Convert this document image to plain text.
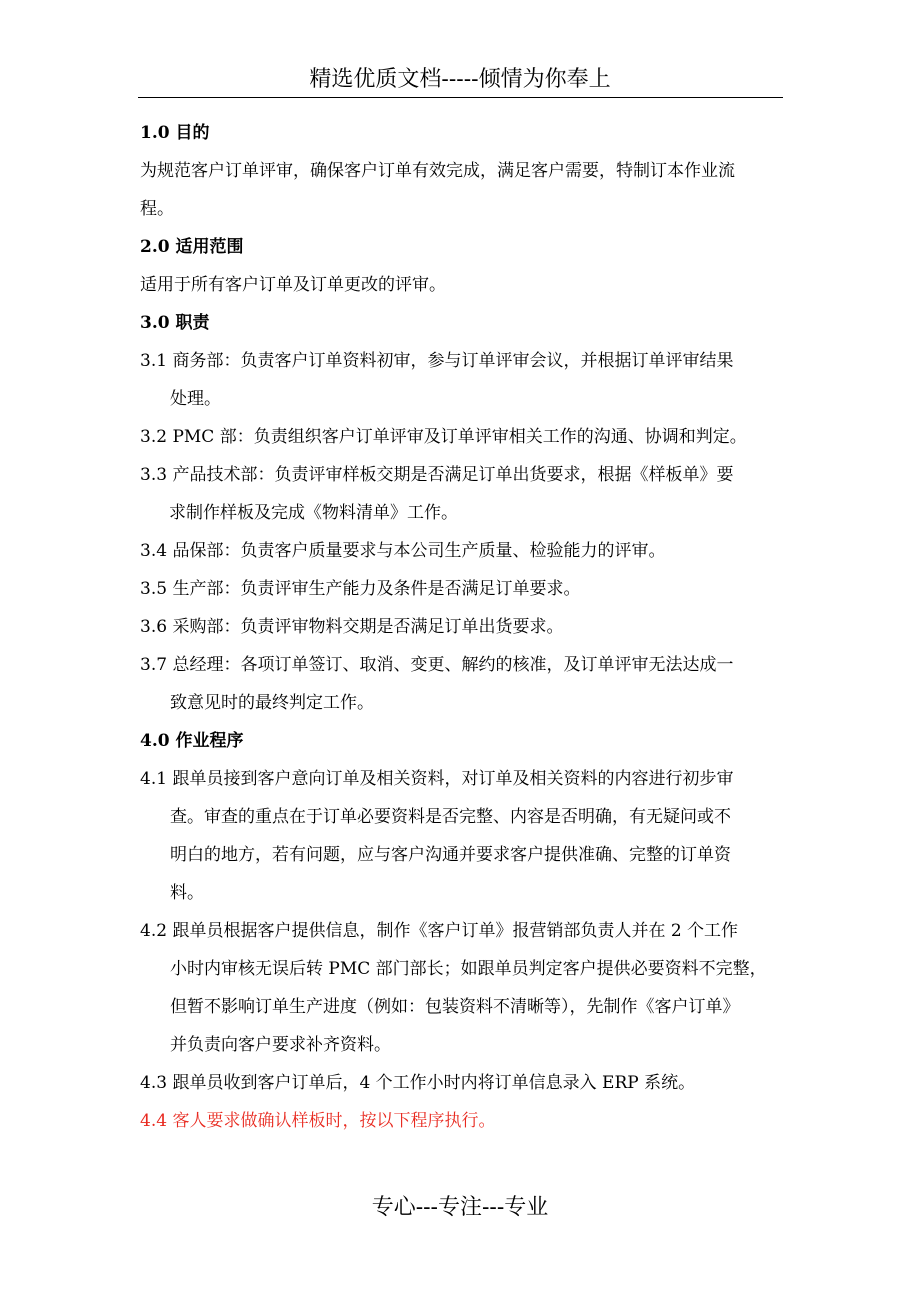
精选优质文档-----倾情为你奉上
1.0 目的
为规范客户订单评审，确保客户订单有效完成，满足客户需要，特制订本作业流
程。
2.0 适用范围
适用于所有客户订单及订单更改的评审。
3.0 职责
3.1 商务部：负责客户订单资料初审，参与订单评审会议，并根据订单评审结果
处理。
3.2 PMC 部：负责组织客户订单评审及订单评审相关工作的沟通、协调和判定。
3.3 产品技术部：负责评审样板交期是否满足订单出货要求，根据《样板单》要
求制作样板及完成《物料清单》工作。
3.4 品保部：负责客户质量要求与本公司生产质量、检验能力的评审。
3.5 生产部：负责评审生产能力及条件是否满足订单要求。
3.6 采购部：负责评审物料交期是否满足订单出货要求。
3.7 总经理：各项订单签订、取消、变更、解约的核准，及订单评审无法达成一
致意见时的最终判定工作。
4.0 作业程序
4.1 跟单员接到客户意向订单及相关资料，对订单及相关资料的内容进行初步审
查。审查的重点在于订单必要资料是否完整、内容是否明确，有无疑问或不
明白的地方，若有问题，应与客户沟通并要求客户提供准确、完整的订单资
料。
4.2 跟单员根据客户提供信息，制作《客户订单》报营销部负责人并在 2 个工作
小时内审核无误后转 PMC 部门部长；如跟单员判定客户提供必要资料不完整，
但暂不影响订单生产进度（例如：包装资料不清晰等），先制作《客户订单》
并负责向客户要求补齐资料。
4.3 跟单员收到客户订单后，4 个工作小时内将订单信息录入 ERP 系统。
4.4 客人要求做确认样板时，按以下程序执行。
专心---专注---专业
